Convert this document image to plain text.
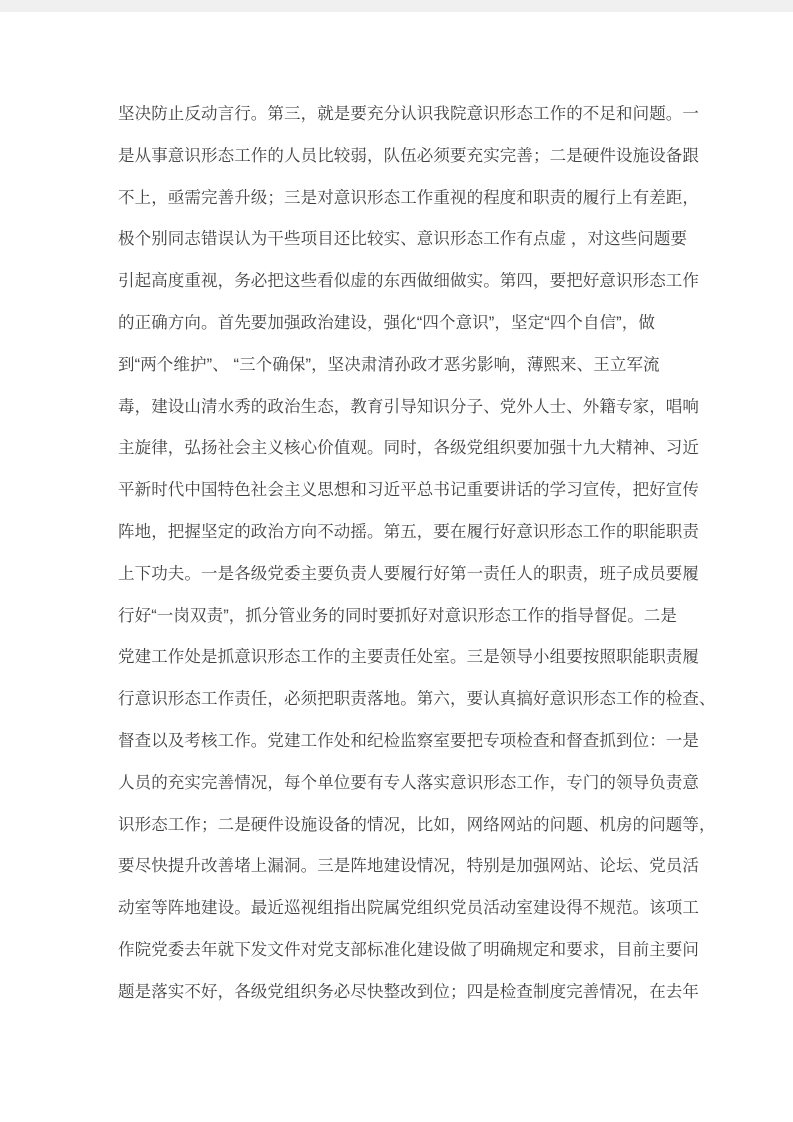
坚决防止反动言行。第三，就是要充分认识我院意识形态工作的不足和问题。一

是从事意识形态工作的人员比较弱，队伍必须要充实完善；二是硬件设施设备跟

不上，亟需完善升级；三是对意识形态工作重视的程度和职责的履行上有差距，

极个别同志错误认为干些项目还比较实、意识形态工作有点虚 ，对这些问题要

引起高度重视，务必把这些看似虚的东西做细做实。第四，要把好意识形态工作

的正确方向。首先要加强政治建设，强化“四个意识”，坚定“四个自信”，做

到“两个维护”、 “三个确保”，坚决肃清孙政才恶劣影响，薄熙来、王立军流

毒，建设山清水秀的政治生态，教育引导知识分子、党外人士、外籍专家，唱响

主旋律，弘扬社会主义核心价值观。同时，各级党组织要加强十九大精神、习近

平新时代中国特色社会主义思想和习近平总书记重要讲话的学习宣传，把好宣传

阵地，把握坚定的政治方向不动摇。第五，要在履行好意识形态工作的职能职责

上下功夫。一是各级党委主要负责人要履行好第一责任人的职责，班子成员要履

行好“一岗双责”，抓分管业务的同时要抓好对意识形态工作的指导督促。二是

党建工作处是抓意识形态工作的主要责任处室。三是领导小组要按照职能职责履

行意识形态工作责任，必须把职责落地。第六，要认真搞好意识形态工作的检查、

督查以及考核工作。党建工作处和纪检监察室要把专项检查和督查抓到位：一是

人员的充实完善情况，每个单位要有专人落实意识形态工作，专门的领导负责意

识形态工作；二是硬件设施设备的情况，比如，网络网站的问题、机房的问题等，

要尽快提升改善堵上漏洞。三是阵地建设情况，特别是加强网站、论坛、党员活

动室等阵地建设。最近巡视组指出院属党组织党员活动室建设得不规范。该项工

作院党委去年就下发文件对党支部标准化建设做了明确规定和要求，目前主要问

题是落实不好，各级党组织务必尽快整改到位；四是检查制度完善情况，在去年
